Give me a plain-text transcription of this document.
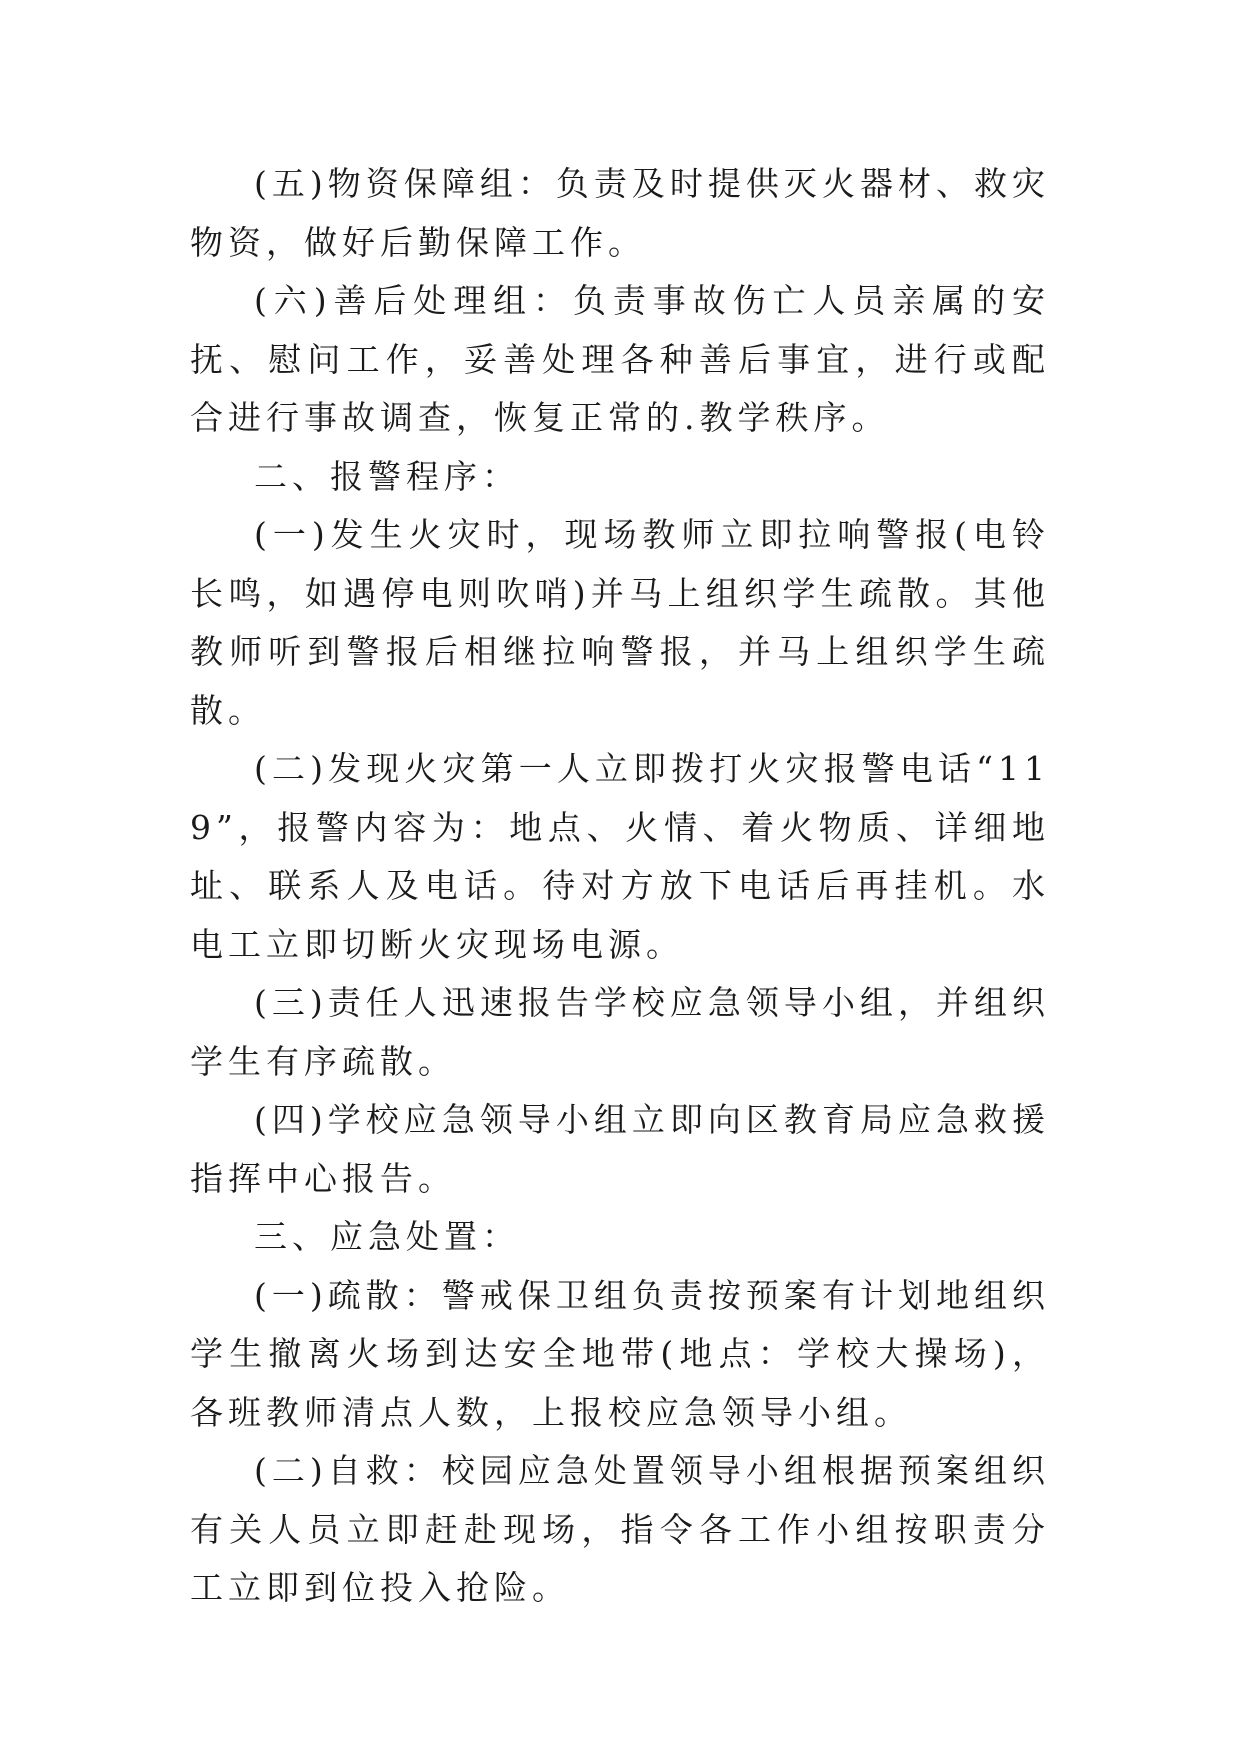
(五)物资保障组：负责及时提供灭火器材、救灾物资，做好后勤保障工作。

(六)善后处理组：负责事故伤亡人员亲属的安抚、慰问工作，妥善处理各种善后事宜，进行或配合进行事故调查，恢复正常的.教学秩序。

二、报警程序：

(一)发生火灾时，现场教师立即拉响警报(电铃长鸣，如遇停电则吹哨)并马上组织学生疏散。其他教师听到警报后相继拉响警报，并马上组织学生疏散。

(二)发现火灾第一人立即拨打火灾报警电话“119”，报警内容为：地点、火情、着火物质、详细地址、联系人及电话。待对方放下电话后再挂机。水电工立即切断火灾现场电源。

(三)责任人迅速报告学校应急领导小组，并组织学生有序疏散。

(四)学校应急领导小组立即向区教育局应急救援指挥中心报告。

三、应急处置：

(一)疏散：警戒保卫组负责按预案有计划地组织学生撤离火场到达安全地带(地点：学校大操场)，各班教师清点人数，上报校应急领导小组。

(二)自救：校园应急处置领导小组根据预案组织有关人员立即赶赴现场，指令各工作小组按职责分工立即到位投入抢险。
